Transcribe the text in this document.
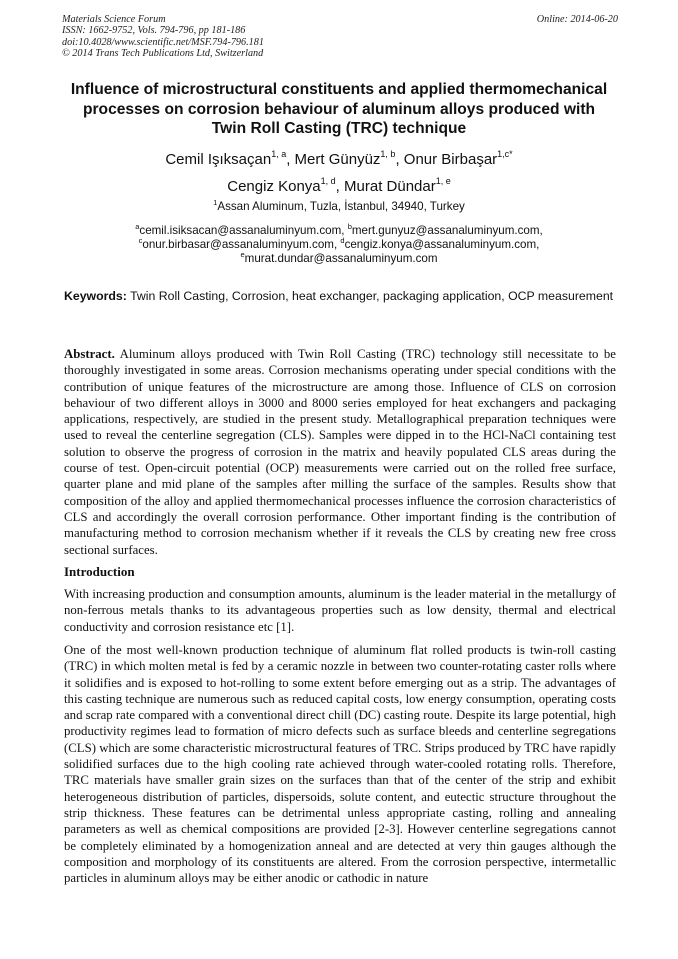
Materials Science Forum
ISSN: 1662-9752, Vols. 794-796, pp 181-186
doi:10.4028/www.scientific.net/MSF.794-796.181
© 2014 Trans Tech Publications Ltd, Switzerland
Online: 2014-06-20
Influence of microstructural constituents and applied thermomechanical processes on corrosion behaviour of aluminum alloys produced with Twin Roll Casting (TRC) technique
Cemil Işıksaçan$^{1, a}$, Mert Günyüz$^{1, b}$, Onur Birbaşar$^{1,c*}$
Cengiz Konya$^{1, d}$, Murat Dündar$^{1, e}$
$^1$Assan Aluminum, Tuzla, İstanbul, 34940, Turkey
$^a$cemil.isiksacan@assanaluminyum.com, $^b$mert.gunyuz@assanaluminyum.com,
$^c$onur.birbasar@assanaluminyum.com, $^d$cengiz.konya@assanaluminyum.com,
$^e$murat.dundar@assanaluminyum.com
Keywords: Twin Roll Casting, Corrosion, heat exchanger, packaging application, OCP measurement
Abstract. Aluminum alloys produced with Twin Roll Casting (TRC) technology still necessitate to be thoroughly investigated in some areas. Corrosion mechanisms operating under special conditions with the contribution of unique features of the microstructure are among those. Influence of CLS on corrosion behaviour of two different alloys in 3000 and 8000 series employed for heat exchangers and packaging applications, respectively, are studied in the present study. Metallographical preparation techniques were used to reveal the centerline segregation (CLS). Samples were dipped in to the HCl-NaCl containing test solution to observe the progress of corrosion in the matrix and heavily populated CLS areas during the course of test. Open-circuit potential (OCP) measurements were carried out on the rolled free surface, quarter plane and mid plane of the samples after milling the surface of the samples. Results show that composition of the alloy and applied thermomechanical processes influence the corrosion characteristics of CLS and accordingly the overall corrosion performance. Other important finding is the contribution of manufacturing method to corrosion mechanism whether if it reveals the CLS by creating new free cross sectional surfaces.
Introduction
With increasing production and consumption amounts, aluminum is the leader material in the metallurgy of non-ferrous metals thanks to its advantageous properties such as low density, thermal and electrical conductivity and corrosion resistance etc [1].
One of the most well-known production technique of aluminum flat rolled products is twin-roll casting (TRC) in which molten metal is fed by a ceramic nozzle in between two counter-rotating caster rolls where it solidifies and is exposed to hot-rolling to some extent before emerging out as a strip. The advantages of this casting technique are numerous such as reduced capital costs, low energy consumption, operating costs and scrap rate compared with a conventional direct chill (DC) casting route. Despite its large potential, high productivity regimes lead to formation of micro defects such as surface bleeds and centerline segregations (CLS) which are some characteristic microstructural features of TRC. Strips produced by TRC have rapidly solidified surfaces due to the high cooling rate achieved through water-cooled rotating rolls. Therefore, TRC materials have smaller grain sizes on the surfaces than that of the center of the strip and exhibit heterogeneous distribution of particles, dispersoids, solute content, and eutectic structure throughout the strip thickness. These features can be detrimental unless appropriate casting, rolling and annealing parameters as well as chemical compositions are provided [2-3]. However centerline segregations cannot be completely eliminated by a homogenization anneal and are detected at very thin gauges although the composition and morphology of its constituents are altered. From the corrosion perspective, intermetallic particles in aluminum alloys may be either anodic or cathodic in nature
